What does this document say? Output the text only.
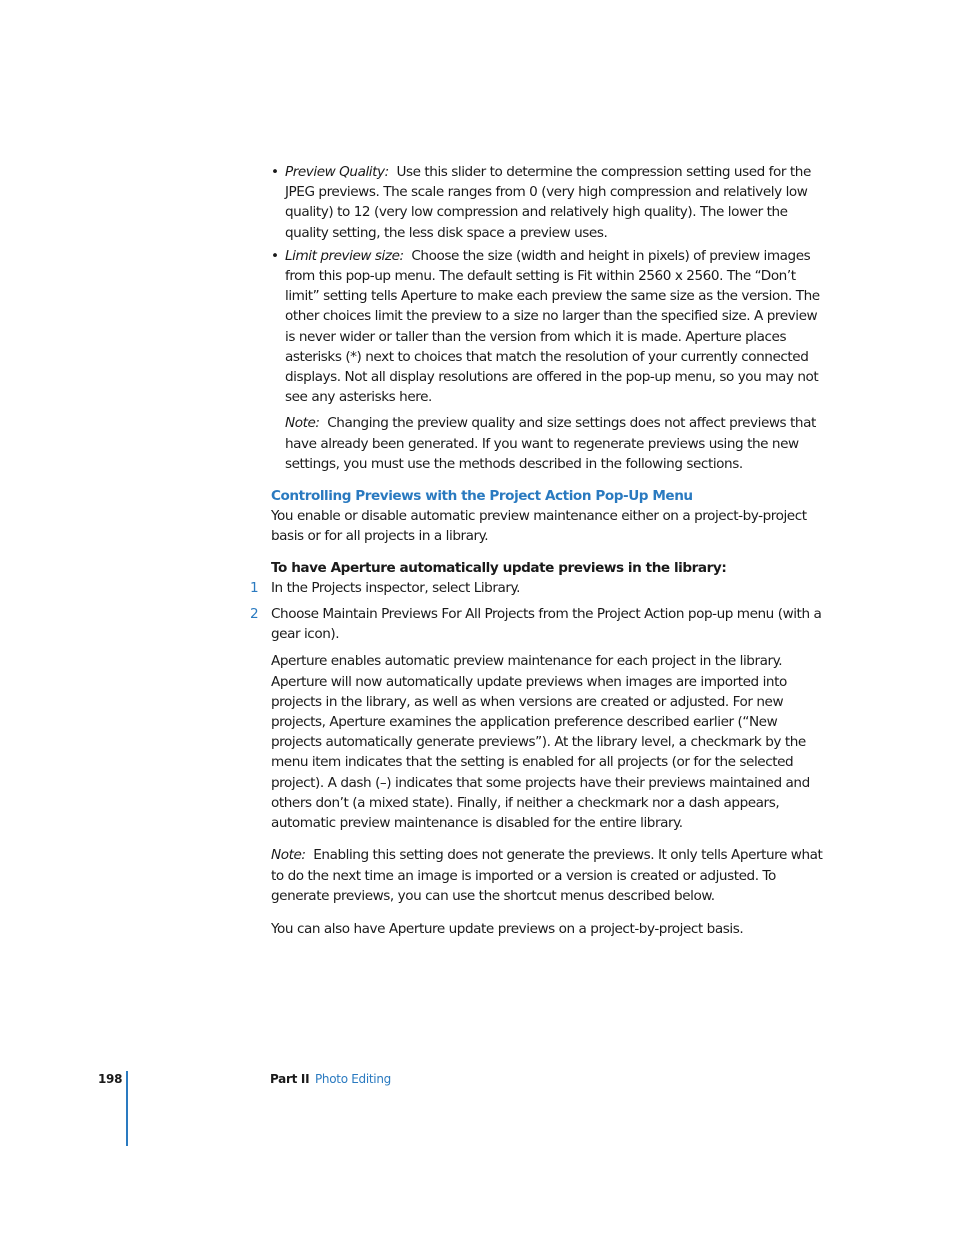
• Preview Quality: Use this slider to determine the compression setting used for the JPEG previews. The scale ranges from 0 (very high compression and relatively low quality) to 12 (very low compression and relatively high quality). The lower the quality setting, the less disk space a preview uses.

• Limit preview size: Choose the size (width and height in pixels) of preview images from this pop-up menu. The default setting is Fit within 2560 x 2560. The “Don’t limit” setting tells Aperture to make each preview the same size as the version. The other choices limit the preview to a size no larger than the specified size. A preview is never wider or taller than the version from which it is made. Aperture places asterisks (*) next to choices that match the resolution of your currently connected displays. Not all display resolutions are offered in the pop-up menu, so you may not see any asterisks here.

Note: Changing the preview quality and size settings does not affect previews that have already been generated. If you want to regenerate previews using the new settings, you must use the methods described in the following sections.

Controlling Previews with the Project Action Pop-Up Menu

You enable or disable automatic preview maintenance either on a project-by-project basis or for all projects in a library.

To have Aperture automatically update previews in the library:

1 In the Projects inspector, select Library.

2 Choose Maintain Previews For All Projects from the Project Action pop-up menu (with a gear icon).

Aperture enables automatic preview maintenance for each project in the library. Aperture will now automatically update previews when images are imported into projects in the library, as well as when versions are created or adjusted. For new projects, Aperture examines the application preference described earlier (“New projects automatically generate previews”). At the library level, a checkmark by the menu item indicates that the setting is enabled for all projects (or for the selected project). A dash (–) indicates that some projects have their previews maintained and others don’t (a mixed state). Finally, if neither a checkmark nor a dash appears, automatic preview maintenance is disabled for the entire library.

Note: Enabling this setting does not generate the previews. It only tells Aperture what to do the next time an image is imported or a version is created or adjusted. To generate previews, you can use the shortcut menus described below.

You can also have Aperture update previews on a project-by-project basis.

198	Part II Photo Editing
